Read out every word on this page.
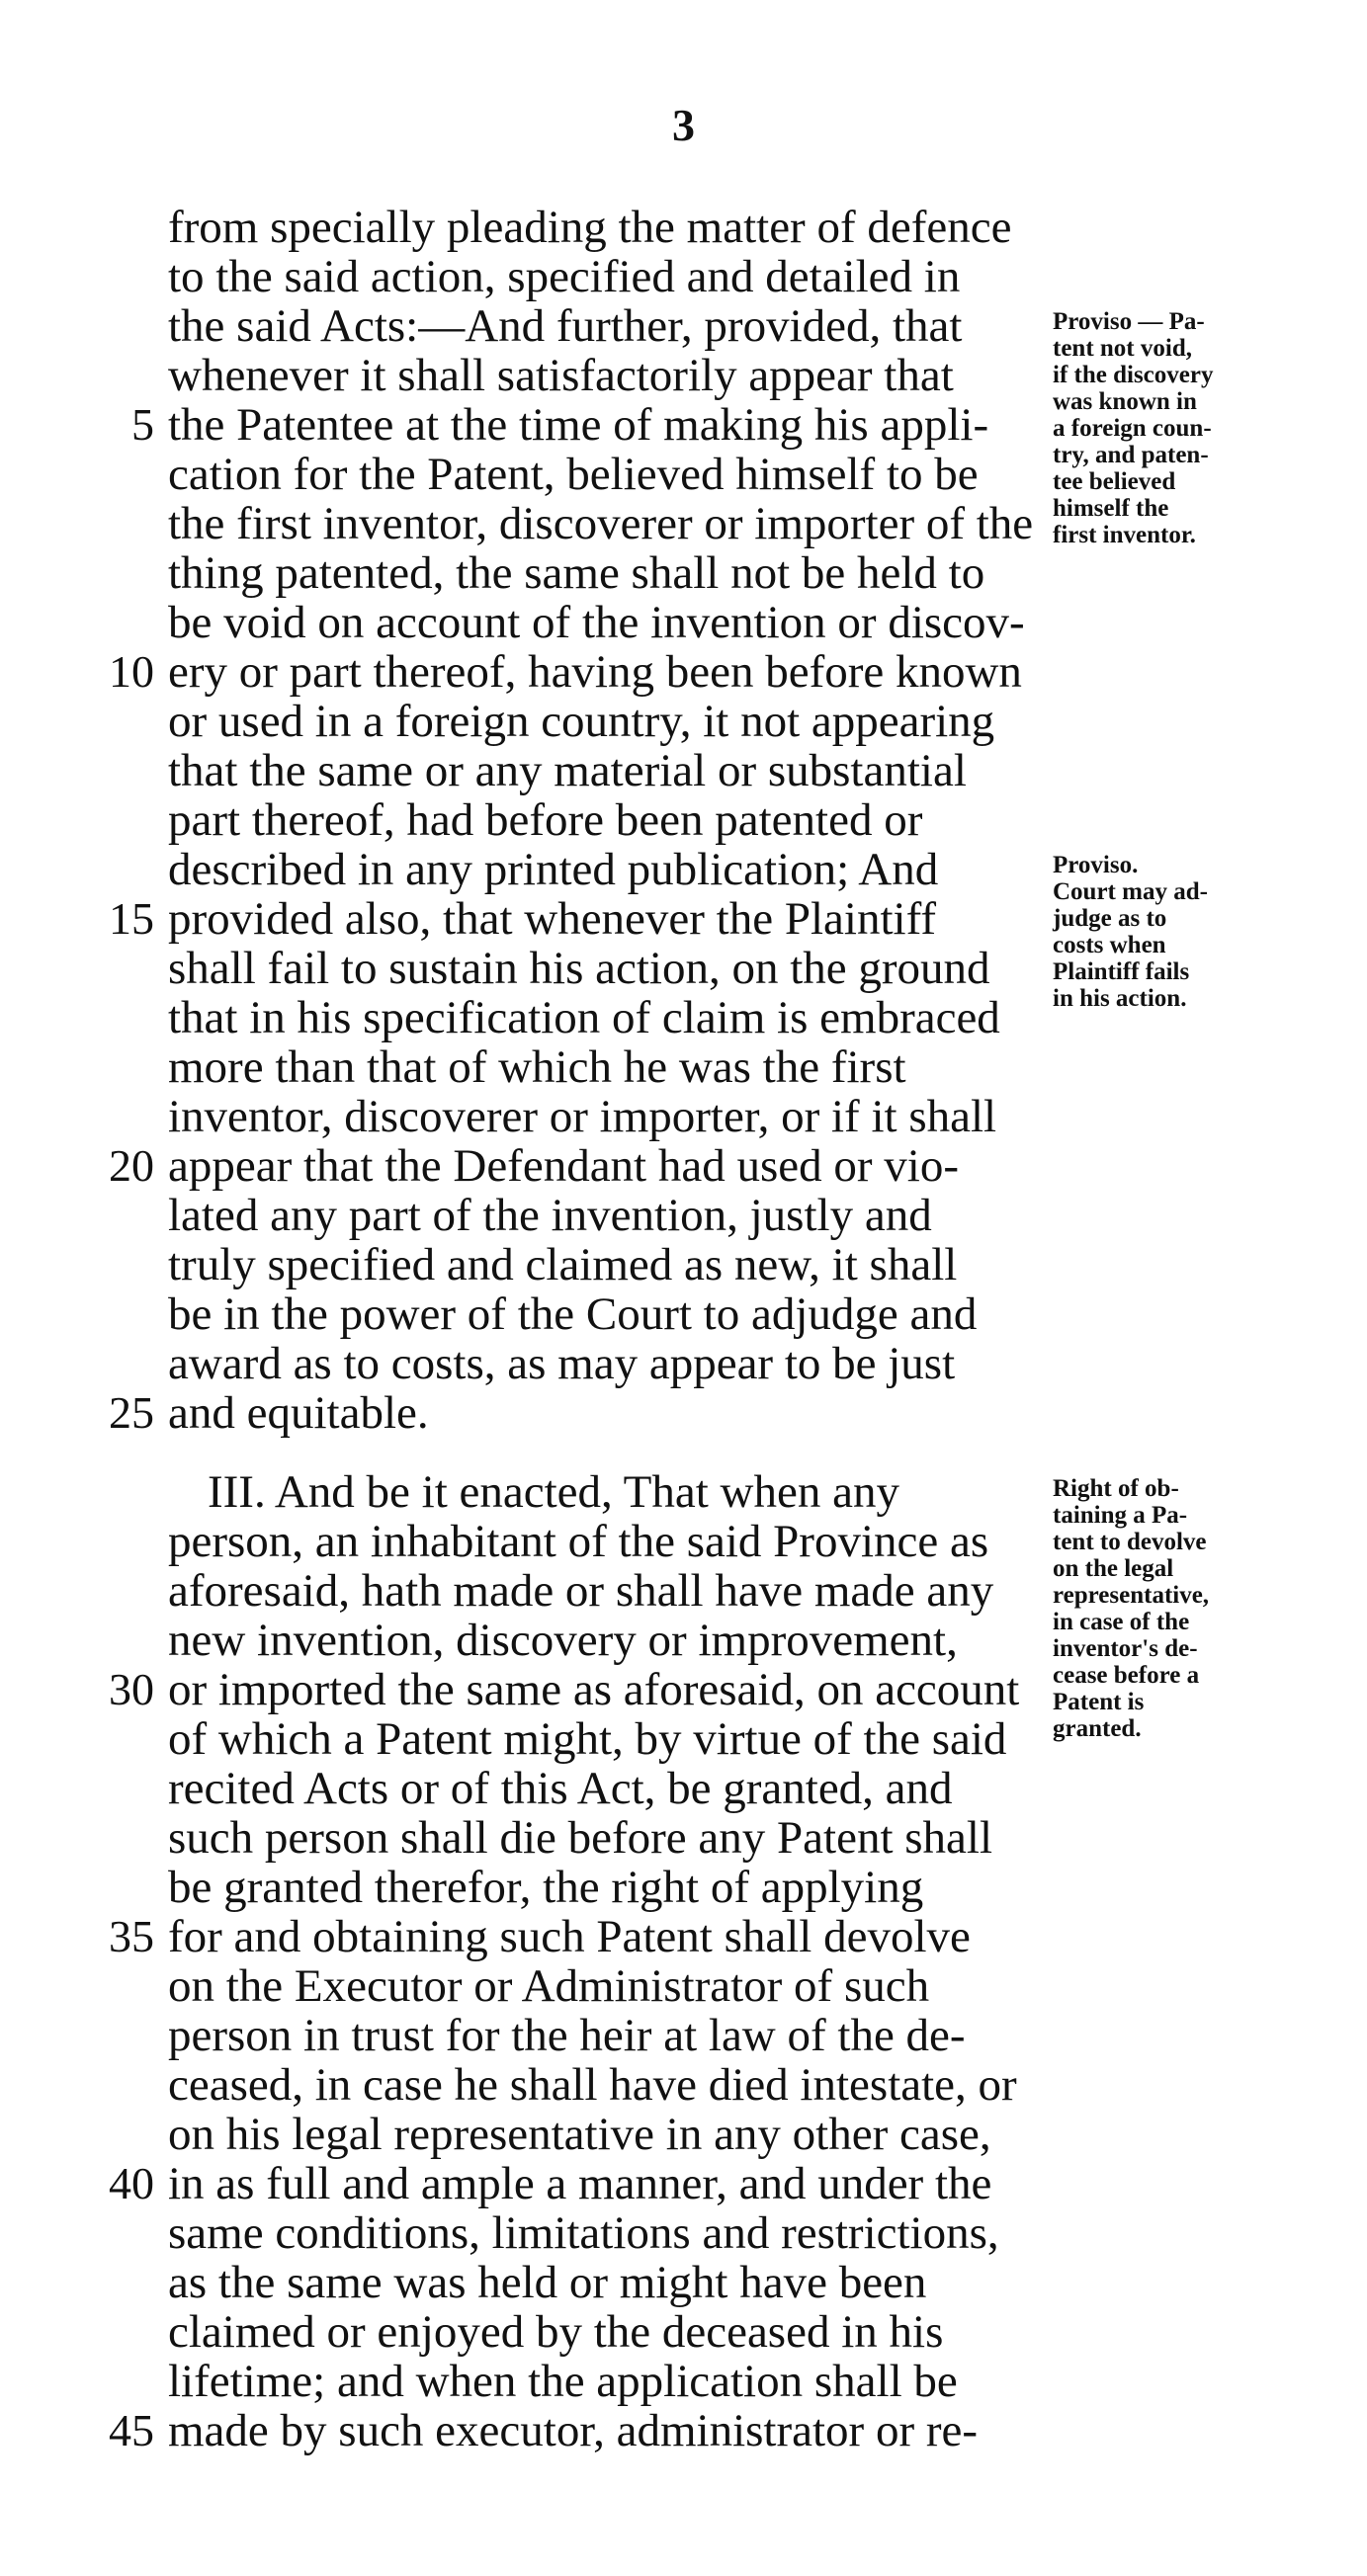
3
from specially pleading the matter of defence
to the said action, specified and detailed in
the said Acts:—And further, provided, that
whenever it shall satisfactorily appear that
the Patentee at the time of making his appli-
cation for the Patent, believed himself to be
the first inventor, discoverer or importer of the
thing patented, the same shall not be held to
be void on account of the invention or discov-
ery or part thereof, having been before known
or used in a foreign country, it not appearing
that the same or any material or substantial
part thereof, had before been patented or
described in any printed publication; And
provided also, that whenever the Plaintiff
shall fail to sustain his action, on the ground
that in his specification of claim is embraced
more than that of which he was the first
inventor, discoverer or importer, or if it shall
appear that the Defendant had used or vio-
lated any part of the invention, justly and
truly specified and claimed as new, it shall
be in the power of the Court to adjudge and
award as to costs, as may appear to be just
and equitable.
III. And be it enacted, That when any
person, an inhabitant of the said Province as
aforesaid, hath made or shall have made any
new invention, discovery or improvement,
or imported the same as aforesaid, on account
of which a Patent might, by virtue of the said
recited Acts or of this Act, be granted, and
such person shall die before any Patent shall
be granted therefor, the right of applying
for and obtaining such Patent shall devolve
on the Executor or Administrator of such
person in trust for the heir at law of the de-
ceased, in case he shall have died intestate, or
on his legal representative in any other case,
in as full and ample a manner, and under the
same conditions, limitations and restrictions,
as the same was held or might have been
claimed or enjoyed by the deceased in his
lifetime; and when the application shall be
made by such executor, administrator or re-
5
10
15
20
25
30
35
40
45
Proviso — Pa-
tent not void,
if the discovery
was known in
a foreign coun-
try, and paten-
tee believed
himself the
first inventor.
Proviso.
Court may ad-
judge as to
costs when
Plaintiff fails
in his action.
Right of ob-
taining a Pa-
tent to devolve
on the legal
representative,
in case of the
inventor's de-
cease before a
Patent is
granted.
